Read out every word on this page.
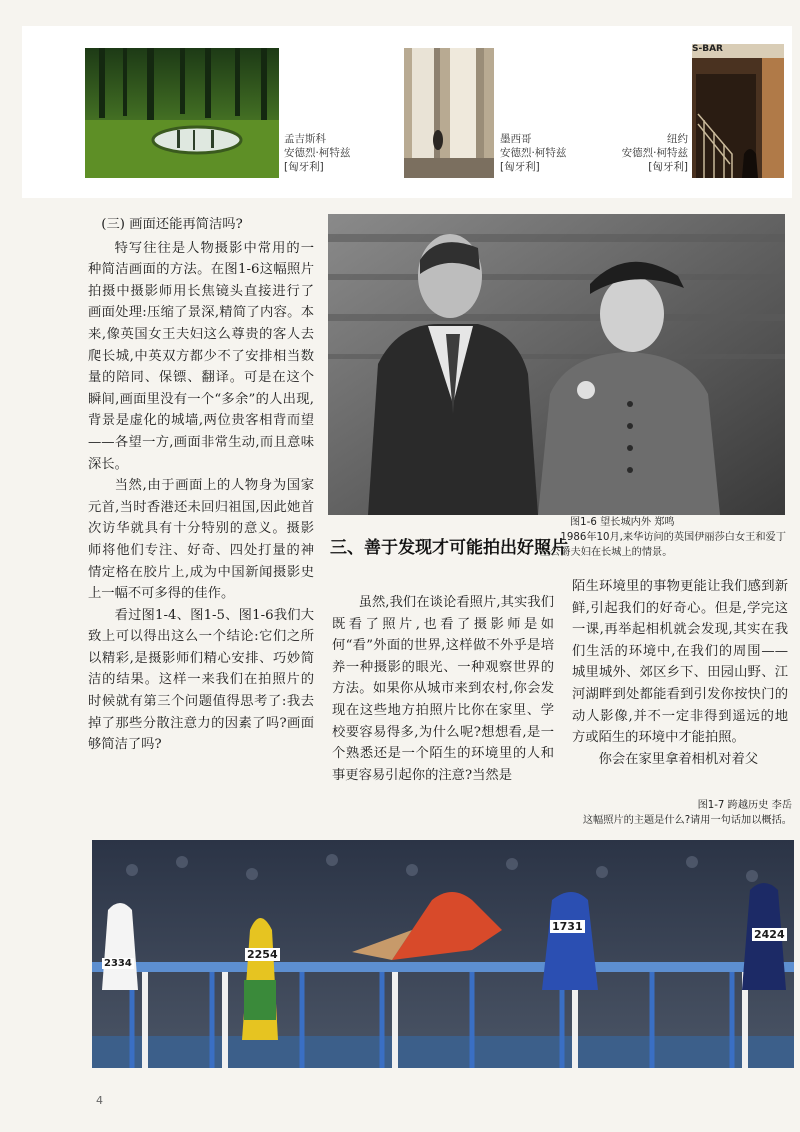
孟吉斯科
安德烈·柯特兹
[匈牙利]
墨西哥
安德烈·柯特兹
[匈牙利]
纽约
安德烈·柯特兹
[匈牙利]
S-BAR
(三) 画面还能再简洁吗?

特写往往是人物摄影中常用的一种简洁画面的方法。在图1-6这幅照片拍摄中摄影师用长焦镜头直接进行了画面处理:压缩了景深,精简了内容。本来,像英国女王夫妇这么尊贵的客人去爬长城,中英双方都少不了安排相当数量的陪同、保镖、翻译。可是在这个瞬间,画面里没有一个“多余”的人出现,背景是虚化的城墙,两位贵客相背而望——各望一方,画面非常生动,而且意味深长。

当然,由于画面上的人物身为国家元首,当时香港还未回归祖国,因此她首次访华就具有十分特别的意义。摄影师将他们专注、好奇、四处打量的神情定格在胶片上,成为中国新闻摄影史上一幅不可多得的佳作。

看过图1-4、图1-5、图1-6我们大致上可以得出这么一个结论:它们之所以精彩,是摄影师们精心安排、巧妙简洁的结果。这样一来我们在拍照片的时候就有第三个问题值得思考了:我去掉了那些分散注意力的因素了吗?画面够简洁了吗?

图1-6 望长城内外 郑鸣
1986年10月,来华访问的英国伊丽莎白女王和爱丁堡公爵夫妇在长城上的情景。
三、善于发现才可能拍出好照片

虽然,我们在谈论看照片,其实我们既看了照片,也看了摄影师是如何“看”外面的世界,这样做不外乎是培养一种摄影的眼光、一种观察世界的方法。如果你从城市来到农村,你会发现在这些地方拍照片比你在家里、学校要容易得多,为什么呢?想想看,是一个熟悉还是一个陌生的环境里的人和事更容易引起你的注意?当然是

陌生环境里的事物更能让我们感到新鲜,引起我们的好奇心。但是,学完这一课,再举起相机就会发现,其实在我们生活的环境中,在我们的周围——城里城外、郊区乡下、田园山野、江河湖畔到处都能看到引发你按快门的动人影像,并不一定非得到遥远的地方或陌生的环境中才能拍照。

你会在家里拿着相机对着父

图1-7 跨越历史 李岳
这幅照片的主题是什么?请用一句话加以概括。
2254
1731
2424
2334
4
